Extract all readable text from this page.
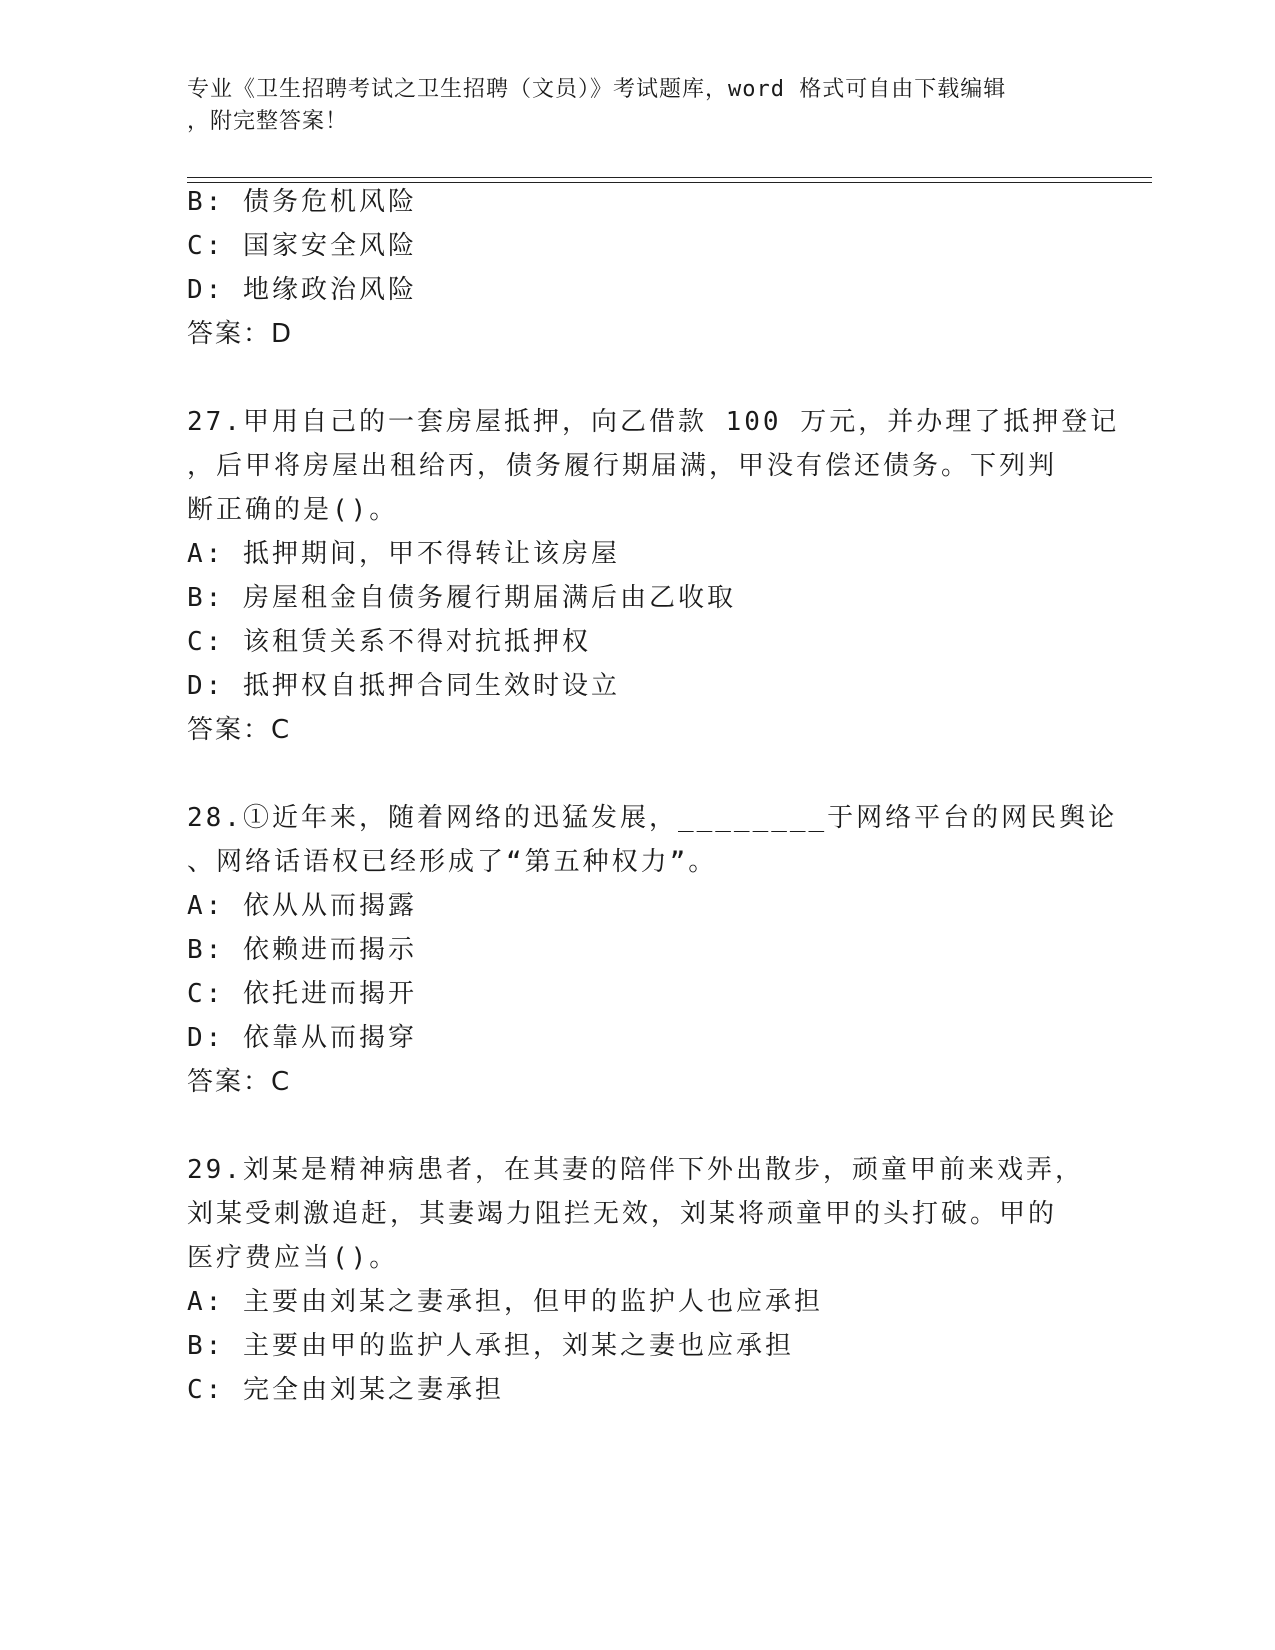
专业《卫生招聘考试之卫生招聘（文员）》考试题库，word 格式可自由下载编辑
，附完整答案！

B: 债务危机风险

C: 国家安全风险

D: 地缘政治风险

答案：D

27.甲用自己的一套房屋抵押，向乙借款 100 万元，并办理了抵押登记

，后甲将房屋出租给丙，债务履行期届满，甲没有偿还债务。下列判

断正确的是()。

A: 抵押期间，甲不得转让该房屋

B: 房屋租金自债务履行期届满后由乙收取

C: 该租赁关系不得对抗抵押权

D: 抵押权自抵押合同生效时设立

答案：C

28.①近年来，随着网络的迅猛发展，________于网络平台的网民舆论

、网络话语权已经形成了“第五种权力”。

A: 依从从而揭露

B: 依赖进而揭示

C: 依托进而揭开

D: 依靠从而揭穿

答案：C

29.刘某是精神病患者，在其妻的陪伴下外出散步，顽童甲前来戏弄，

刘某受刺激追赶，其妻竭力阻拦无效，刘某将顽童甲的头打破。甲的

医疗费应当()。

A: 主要由刘某之妻承担，但甲的监护人也应承担

B: 主要由甲的监护人承担，刘某之妻也应承担

C: 完全由刘某之妻承担
